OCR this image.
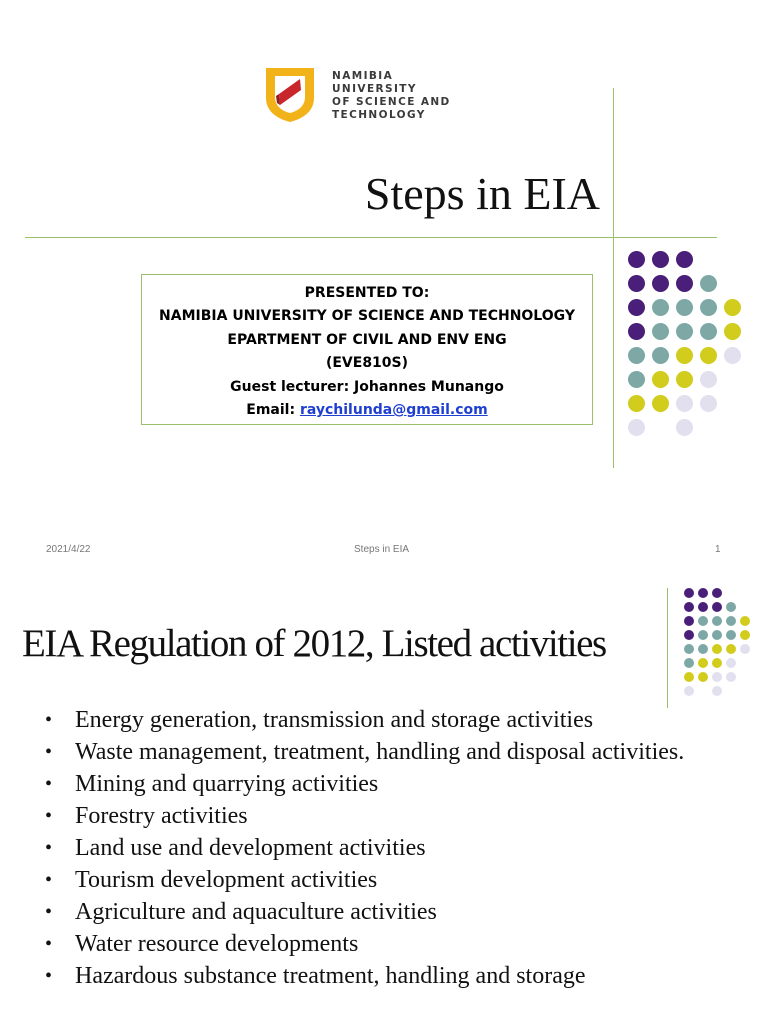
NAMIBIA
UNIVERSITY
OF SCIENCE AND
TECHNOLOGY
Steps in EIA
PRESENTED TO:
NAMIBIA UNIVERSITY OF SCIENCE AND TECHNOLOGY
EPARTMENT OF CIVIL AND ENV ENG
(EVE810S)
Guest lecturer: Johannes Munango
Email: raychilunda@gmail.com
2021/4/22	Steps in EIA	1
EIA Regulation of 2012, Listed activities
• Energy generation, transmission and storage activities
• Waste management, treatment, handling and disposal activities.
• Mining and quarrying activities
• Forestry activities
• Land use and development activities
• Tourism development activities
• Agriculture and aquaculture activities
• Water resource developments
• Hazardous substance treatment, handling and storage
